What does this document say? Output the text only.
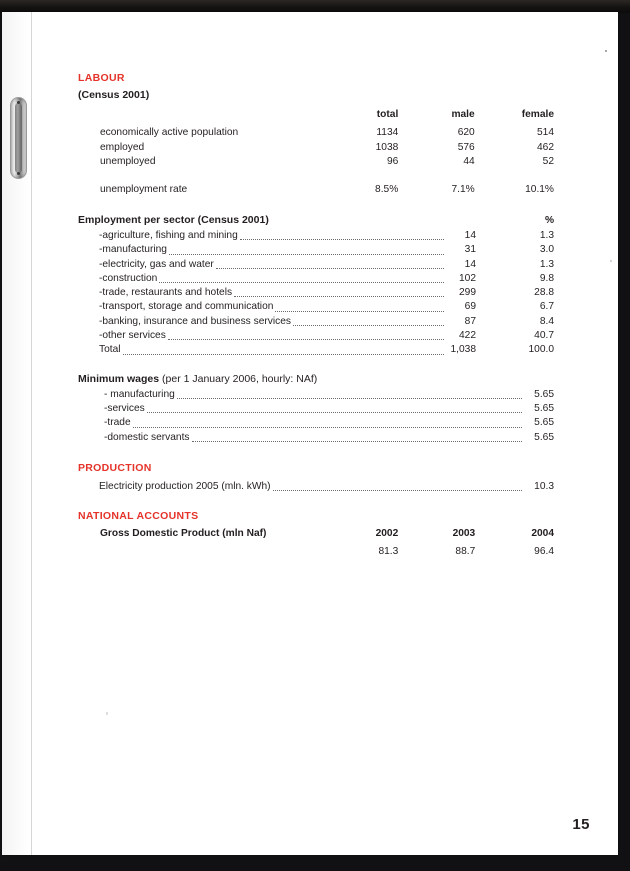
LABOUR
(Census 2001)
	total	male	female
economically active population	1134	620	514
employed	1038	576	462
unemployed	96	44	52

unemployment rate	8.5%	7.1%	10.1%
Employment per sector (Census 2001)	%
-agriculture, fishing and mining	14	1.3
-manufacturing	31	3.0
-electricity, gas and water	14	1.3
-construction	102	9.8
-trade, restaurants and hotels	299	28.8
-transport, storage and communication	69	6.7
-banking, insurance and business services	87	8.4
-other services	422	40.7
Total	1,038	100.0
Minimum wages (per 1 January 2006, hourly: NAf)
- manufacturing	5.65
-services	5.65
-trade	5.65
-domestic servants	5.65
PRODUCTION
Electricity production 2005 (mln. kWh)	10.3
NATIONAL ACCOUNTS
Gross Domestic Product (mln Naf)	2002	2003	2004
	81.3	88.7	96.4
15
